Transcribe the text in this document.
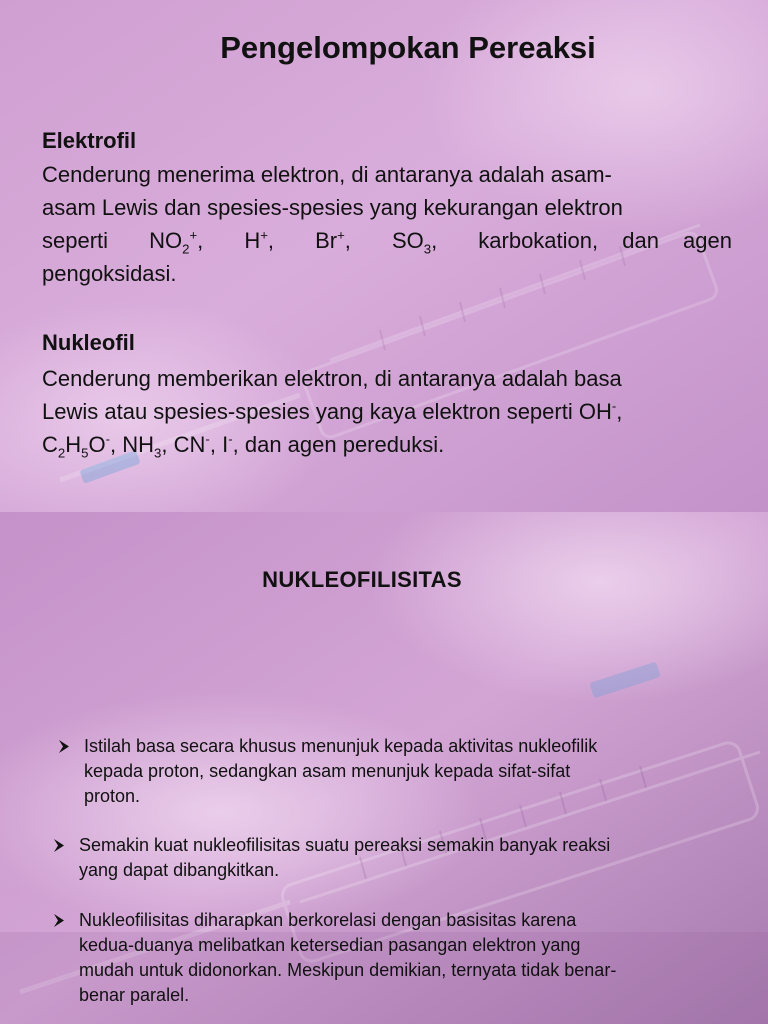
Pengelompokan Pereaksi
Elektrofil
Cenderung menerima elektron, di antaranya adalah asam-
asam Lewis dan spesies-spesies yang kekurangan elektron
seperti $NO_2^+$, H+, Br+, $SO_3$, karbokation, dan agen
pengoksidasi.
Nukleofil
Cenderung memberikan elektron, di antaranya adalah basa
Lewis atau spesies-spesies yang kaya elektron seperti OH-,
$C_2H_5O^-$, $NH_3$, CN-, I-, dan agen pereduksi.
NUKLEOFILISITAS
Istilah basa secara khusus menunjuk kepada aktivitas nukleofilik
kepada proton, sedangkan asam menunjuk kepada sifat-sifat
proton.
Semakin kuat nukleofilisitas suatu pereaksi semakin banyak reaksi
yang dapat dibangkitkan.
Nukleofilisitas diharapkan berkorelasi dengan basisitas karena
kedua-duanya melibatkan ketersedian pasangan elektron yang
mudah untuk didonorkan. Meskipun demikian, ternyata tidak benar-
benar paralel.
